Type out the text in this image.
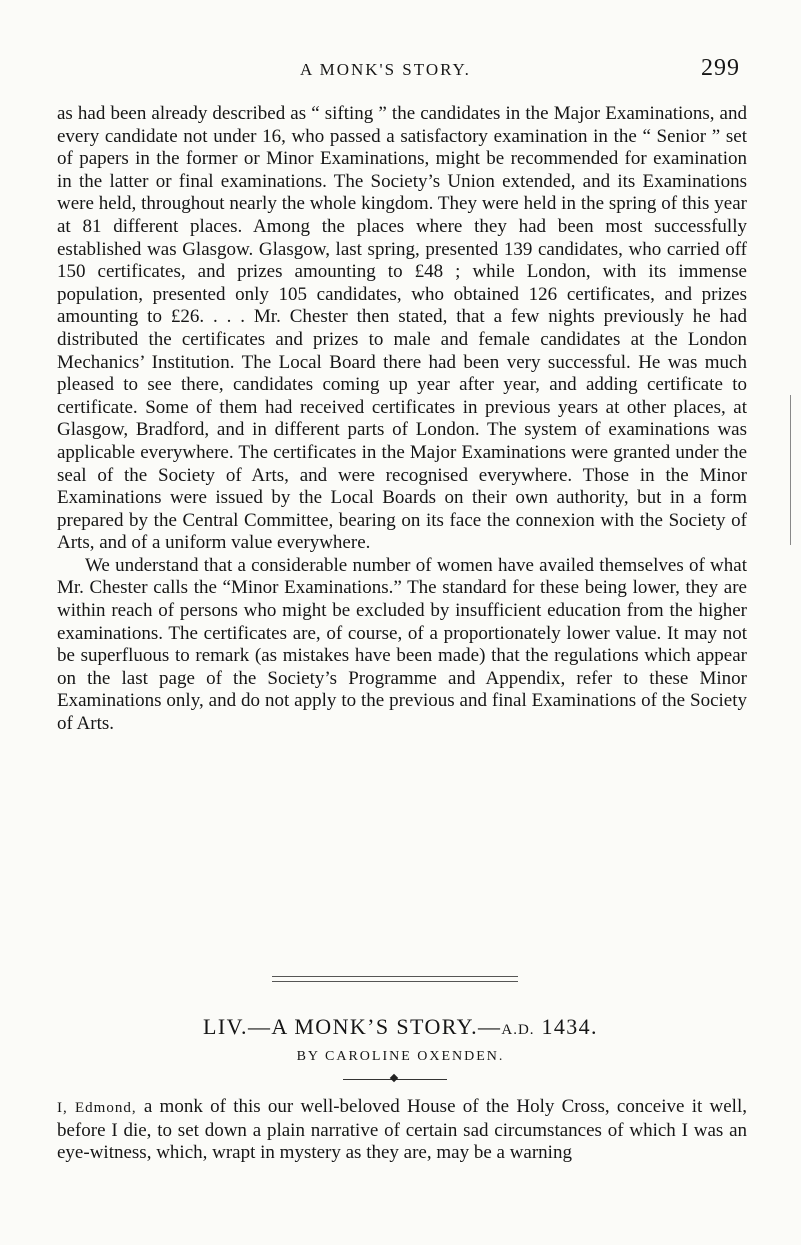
A MONK'S STORY.	299

as had been already described as “ sifting ” the candidates in the Major Examinations, and every candidate not under 16, who passed a satisfactory examination in the “ Senior ” set of papers in the former or Minor Examinations, might be recommended for examination in the latter or final examinations. The Society’s Union extended, and its Examinations were held, throughout nearly the whole kingdom. They were held in the spring of this year at 81 different places. Among the places where they had been most successfully established was Glasgow. Glasgow, last spring, presented 139 candidates, who carried off 150 certificates, and prizes amounting to £48 ; while London, with its immense population, presented only 105 candidates, who obtained 126 certificates, and prizes amounting to £26. . . . Mr. Chester then stated, that a few nights previously he had distributed the certificates and prizes to male and female candidates at the London Mechanics’ Institution. The Local Board there had been very successful. He was much pleased to see there, candidates coming up year after year, and adding certificate to certificate. Some of them had received certificates in previous years at other places, at Glasgow, Bradford, and in different parts of London. The system of examinations was applicable everywhere. The certificates in the Major Examinations were granted under the seal of the Society of Arts, and were recognised everywhere. Those in the Minor Examinations were issued by the Local Boards on their own authority, but in a form prepared by the Central Committee, bearing on its face the connexion with the Society of Arts, and of a uniform value everywhere.

We understand that a considerable number of women have availed themselves of what Mr. Chester calls the “Minor Examinations.” The standard for these being lower, they are within reach of persons who might be excluded by insufficient education from the higher examinations. The certificates are, of course, of a proportionately lower value. It may not be superfluous to remark (as mistakes have been made) that the regulations which appear on the last page of the Society’s Programme and Appendix, refer to these Minor Examinations only, and do not apply to the previous and final Examinations of the Society of Arts.

LIV.—A MONK’S STORY.—A.D. 1434.
BY CAROLINE OXENDEN.

I, Edmond, a monk of this our well-beloved House of the Holy Cross, conceive it well, before I die, to set down a plain narrative of certain sad circumstances of which I was an eye-witness, which, wrapt in mystery as they are, may be a warning
